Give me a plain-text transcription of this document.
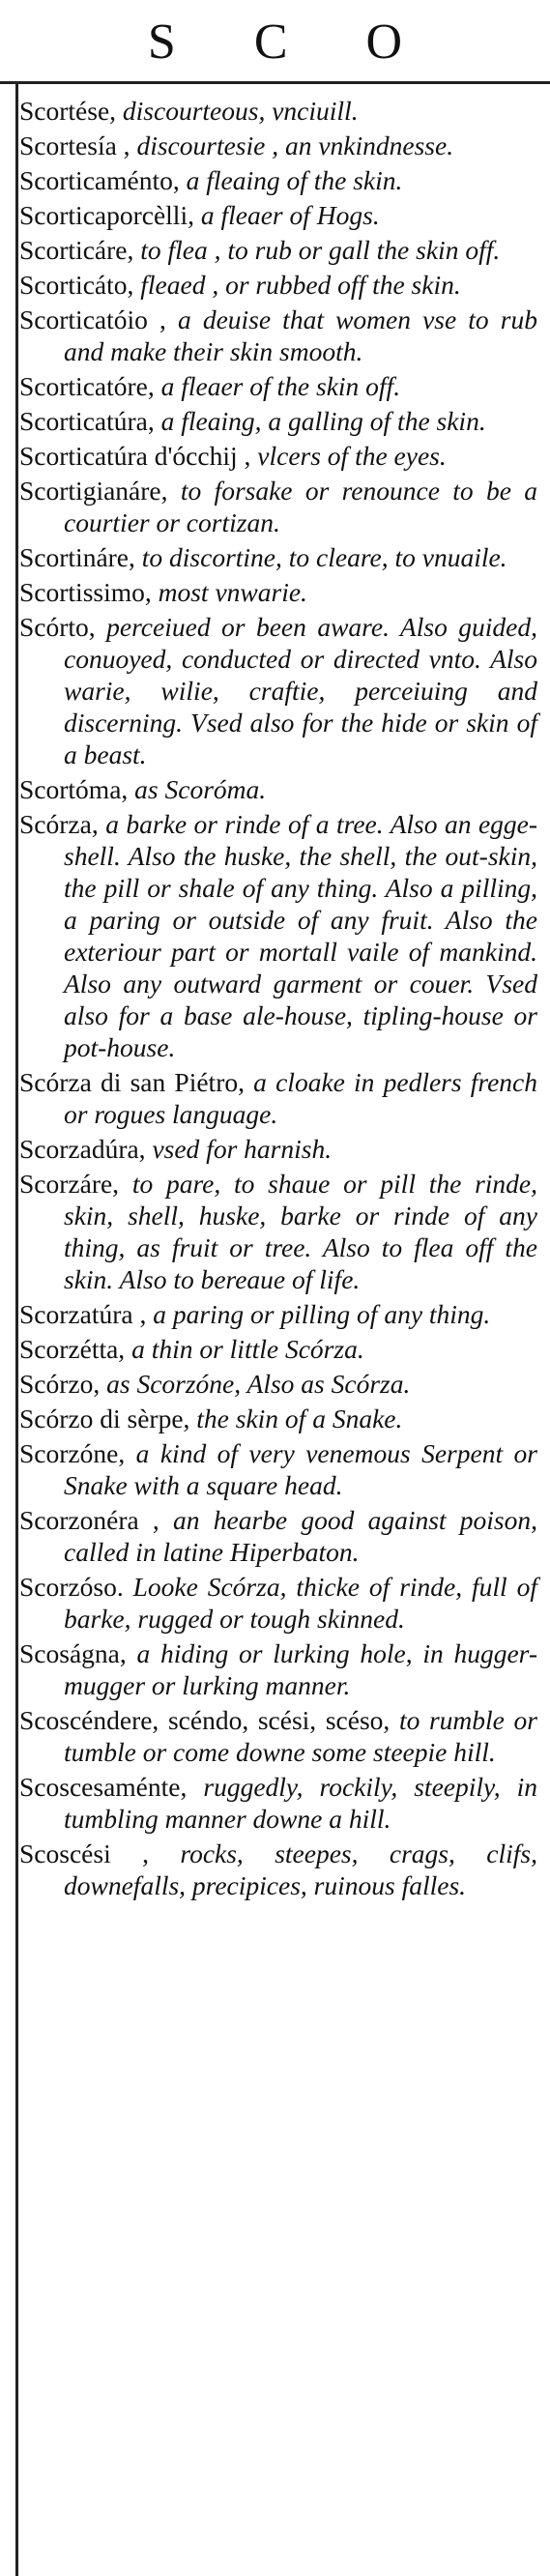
S C O

Scortése, discourteous, vnciuill.

Scortesía , discourtesie , an vnkindnesse.

Scorticaménto, a fleaing of the skin.

Scorticaporcèlli, a fleaer of Hogs.

Scorticáre, to flea , to rub or gall the skin off.

Scorticáto, fleaed , or rubbed off the skin.

Scorticatóio , a deuise that women vse to rub and make their skin smooth.

Scorticatóre, a fleaer of the skin off.

Scorticatúra, a fleaing, a galling of the skin.

Scorticatúra d'ócchij , vlcers of the eyes.

Scortigianáre, to forsake or renounce to be a courtier or cortizan.

Scortináre, to discortine, to cleare, to vnuaile.

Scortissimo, most vnwarie.

Scórto, perceiued or been aware. Also guided, conuoyed, conducted or directed vnto. Also warie, wilie, craftie, perceiuing and discerning. Vsed also for the hide or skin of a beast.

Scortóma, as Scoróma.

Scórza, a barke or rinde of a tree. Also an egge-shell. Also the huske, the shell, the out-skin, the pill or shale of any thing. Also a pilling, a paring or outside of any fruit. Also the exteriour part or mortall vaile of mankind. Also any outward garment or couer. Vsed also for a base ale-house, tipling-house or pot-house.

Scórza di san Piétro, a cloake in pedlers french or rogues language.

Scorzadúra, vsed for harnish.

Scorzáre, to pare, to shaue or pill the rinde, skin, shell, huske, barke or rinde of any thing, as fruit or tree. Also to flea off the skin. Also to bereaue of life.

Scorzatúra , a paring or pilling of any thing.

Scorzétta, a thin or little Scórza.

Scórzo, as Scorzóne, Also as Scórza.

Scórzo di sèrpe, the skin of a Snake.

Scorzóne, a kind of very venemous Serpent or Snake with a square head.

Scorzonéra , an hearbe good against poison, called in latine Hiperbaton.

Scorzóso. Looke Scórza, thicke of rinde, full of barke, rugged or tough skinned.

Scoságna, a hiding or lurking hole, in hugger-mugger or lurking manner.

Scoscéndere, scéndo, scési, scéso, to rumble or tumble or come downe some steepie hill.

Scoscesaménte, ruggedly, rockily, steepily, in tumbling manner downe a hill.

Scoscési , rocks, steepes, crags, clifs, downefalls, precipices, ruinous falles.
